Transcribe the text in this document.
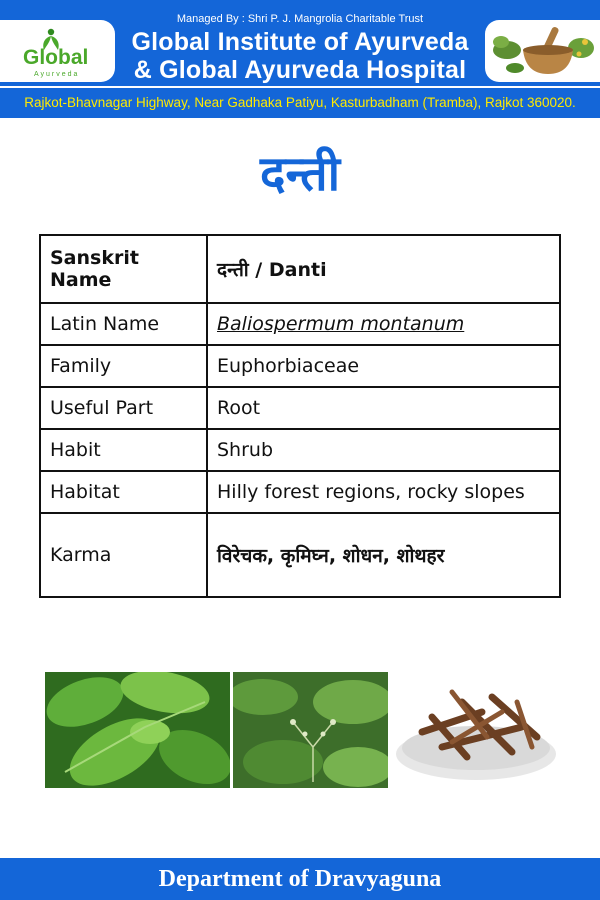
Managed By : Shri P. J. Mangrolia Charitable Trust
Global Institute of Ayurveda
& Global Ayurveda Hospital
Global
Ayurveda
Rajkot-Bhavnagar Highway, Near Gadhaka Patiyu, Kasturbadham (Tramba), Rajkot 360020.
दन्ती
Sanskrit Name	दन्ती / Danti
Latin Name	Baliospermum montanum
Family	Euphorbiaceae
Useful Part	Root
Habit	Shrub
Habitat	Hilly forest regions, rocky slopes
Karma	विरेचक, कृमिघ्न, शोधन, शोथहर
Department of Dravyaguna
